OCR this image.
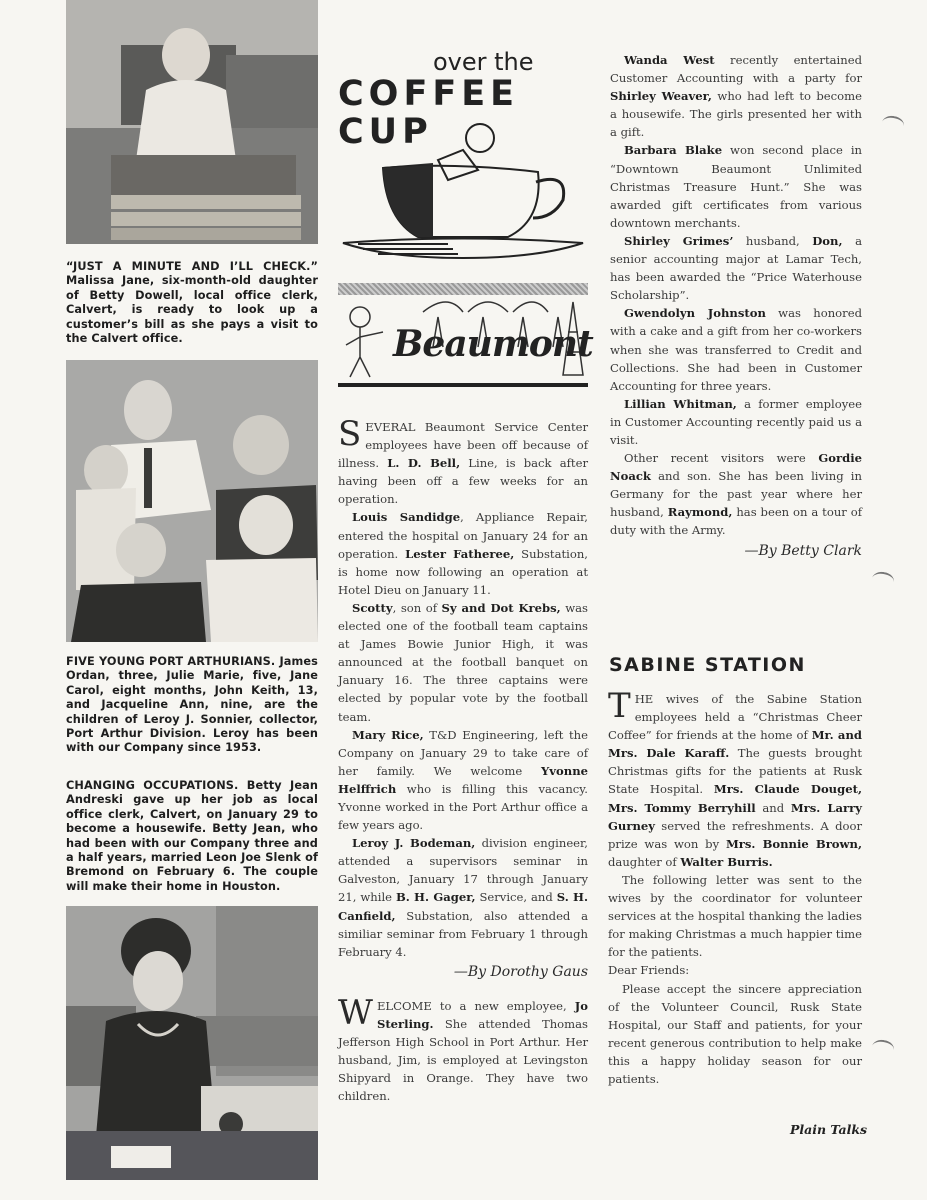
“JUST A MINUTE AND I’LL CHECK.” Malissa Jane, six-month-old daughter of Betty Dowell, local office clerk, Calvert, is ready to look up a customer’s bill as she pays a visit to the Calvert office.
FIVE YOUNG PORT ARTHURIANS. James Ordan, three, Julie Marie, five, Jane Carol, eight months, John Keith, 13, and Jacqueline Ann, nine, are the children of Leroy J. Sonnier, collector, Port Arthur Division. Leroy has been with our Company since 1953.
CHANGING OCCUPATIONS. Betty Jean Andreski gave up her job as local office clerk, Calvert, on January 29 to become a housewife. Betty Jean, who had been with our Company three and a half years, married Leon Joe Slenk of Bremond on February 6. The couple will make their home in Houston.
over the
COFFEE
CUP
Beaumont

SEVERAL Beaumont Service Center employees have been off because of illness. L. D. Bell, Line, is back after having been off a few weeks for an operation.

Louis Sandidge, Appliance Repair, entered the hospital on January 24 for an operation. Lester Fatheree, Substation, is home now following an operation at Hotel Dieu on January 11.

Scotty, son of Sy and Dot Krebs, was elected one of the football team captains at James Bowie Junior High, it was announced at the football banquet on January 16. The three captains were elected by popular vote by the football team.

Mary Rice, T&D Engineering, left the Company on January 29 to take care of her family. We welcome Yvonne Helffrich who is filling this vacancy. Yvonne worked in the Port Arthur office a few years ago.

Leroy J. Bodeman, division engineer, attended a supervisors seminar in Galveston, January 17 through January 21, while B. H. Gager, Service, and S. H. Canfield, Substation, also attended a similiar seminar from February 1 through February 4.

—By Dorothy Gaus

WELCOME to a new employee, Jo Sterling. She attended Thomas Jefferson High School in Port Arthur. Her husband, Jim, is employed at Levingston Shipyard in Orange. They have two children.

Wanda West recently entertained Customer Accounting with a party for Shirley Weaver, who had left to become a housewife. The girls presented her with a gift.

Barbara Blake won second place in “Downtown Beaumont Unlimited Christmas Treasure Hunt.” She was awarded gift certificates from various downtown merchants.

Shirley Grimes’ husband, Don, a senior accounting major at Lamar Tech, has been awarded the “Price Waterhouse Scholarship”.

Gwendolyn Johnston was honored with a cake and a gift from her co-workers when she was transferred to Credit and Collections. She had been in Customer Accounting for three years.

Lillian Whitman, a former employee in Customer Accounting recently paid us a visit.

Other recent visitors were Gordie Noack and son. She has been living in Germany for the past year where her husband, Raymond, has been on a tour of duty with the Army.

—By Betty Clark
SABINE STATION

THE wives of the Sabine Station employees held a “Christmas Cheer Coffee” for friends at the home of Mr. and Mrs. Dale Karaff. The guests brought Christmas gifts for the patients at Rusk State Hospital. Mrs. Claude Douget, Mrs. Tommy Berryhill and Mrs. Larry Gurney served the refreshments. A door prize was won by Mrs. Bonnie Brown, daughter of Walter Burris.

The following letter was sent to the wives by the coordinator for volunteer services at the hospital thanking the ladies for making Christmas a much happier time for the patients.

Dear Friends:

Please accept the sincere appreciation of the Volunteer Council, Rusk State Hospital, our Staff and patients, for your recent generous contribution to help make this a happy holiday season for our patients.

Plain Talks
